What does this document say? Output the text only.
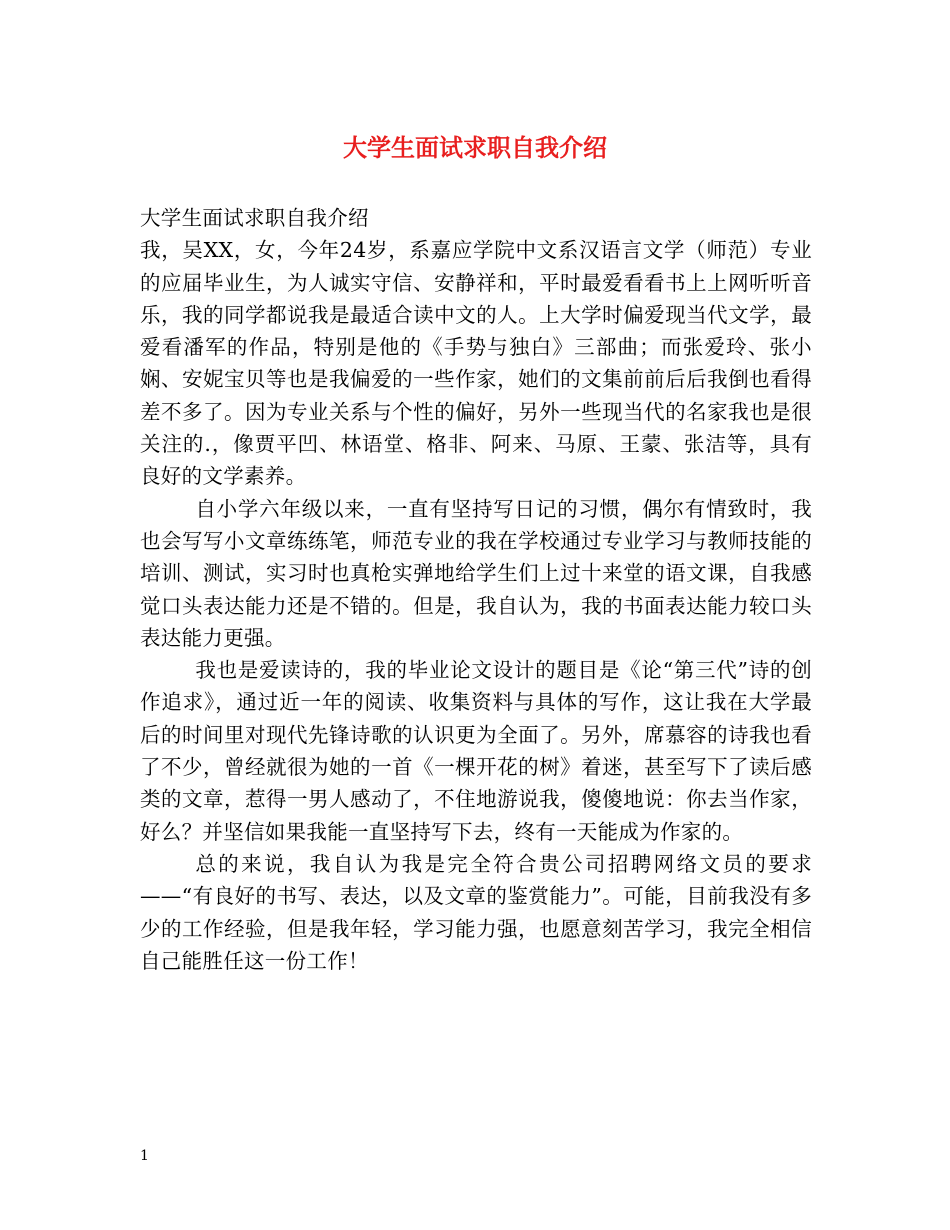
大学生面试求职自我介绍

大学生面试求职自我介绍

我，吴XX，女，今年24岁，系嘉应学院中文系汉语言文学（师范）专业的应届毕业生，为人诚实守信、安静祥和，平时最爱看看书上上网听听音乐，我的同学都说我是最适合读中文的人。上大学时偏爱现当代文学，最爱看潘军的作品，特别是他的《手势与独白》三部曲；而张爱玲、张小娴、安妮宝贝等也是我偏爱的一些作家，她们的文集前前后后我倒也看得差不多了。因为专业关系与个性的偏好，另外一些现当代的名家我也是很关注的.，像贾平凹、林语堂、格非、阿来、马原、王蒙、张洁等，具有良好的文学素养。

自小学六年级以来，一直有坚持写日记的习惯，偶尔有情致时，我也会写写小文章练练笔，师范专业的我在学校通过专业学习与教师技能的培训、测试，实习时也真枪实弹地给学生们上过十来堂的语文课，自我感觉口头表达能力还是不错的。但是，我自认为，我的书面表达能力较口头表达能力更强。

我也是爱读诗的，我的毕业论文设计的题目是《论“第三代”诗的创作追求》，通过近一年的阅读、收集资料与具体的写作，这让我在大学最后的时间里对现代先锋诗歌的认识更为全面了。另外，席慕容的诗我也看了不少，曾经就很为她的一首《一棵开花的树》着迷，甚至写下了读后感类的文章，惹得一男人感动了，不住地游说我，傻傻地说：你去当作家，好么？并坚信如果我能一直坚持写下去，终有一天能成为作家的。

总的来说，我自认为我是完全符合贵公司招聘网络文员的要求——“有良好的书写、表达，以及文章的鉴赏能力”。可能，目前我没有多少的工作经验，但是我年轻，学习能力强，也愿意刻苦学习，我完全相信自己能胜任这一份工作！

1
